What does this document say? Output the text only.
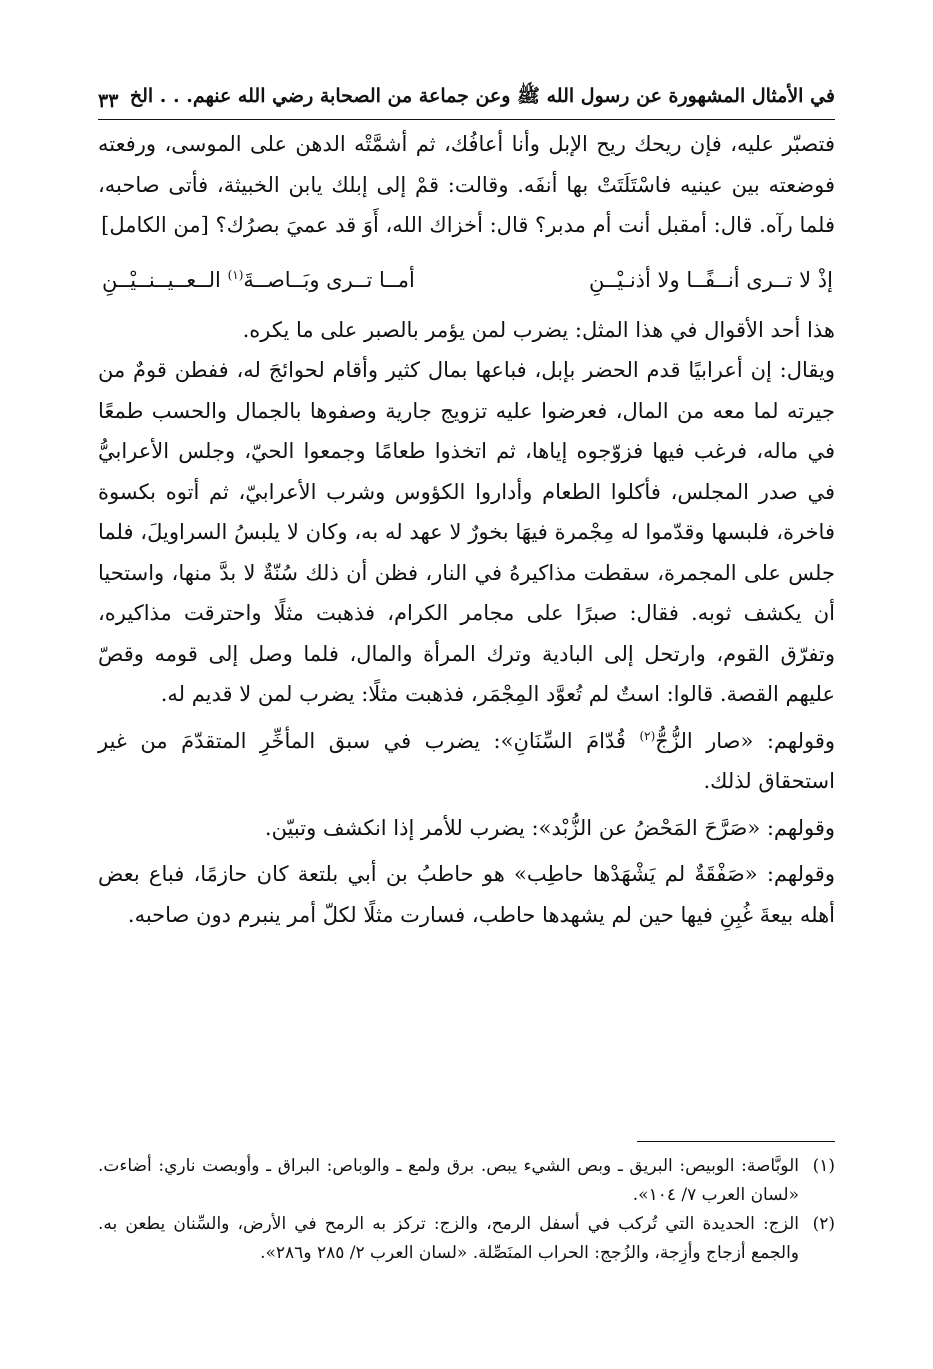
في الأمثال المشهورة عن رسول الله ﷺ وعن جماعة من الصحابة رضي الله عنهم. . . الخ
٣٣

فتصبّر عليه، فإن ريحك ريح الإبل وأنا أعافُك، ثم أشمَّتْه الدهن على الموسى، ورفعته فوضعته بين عينيه فاسْتَلَتَتْ بها أنفَه. وقالت: قمْ إلى إبلك يابن الخبيثة، فأتى صاحبه، فلما رآه. قال: أمقبل أنت أم مدبر؟ قال: أخزاك الله، أَوَ قد عميَ بصرُك؟ [من الكامل]

إذْ لا تــرى أنــفًــا ولا أذنـيْــنِ
أمــا تــرى وبَــاصــةَ$^{(١)}$ الــعــيــنــيْــنِ

هذا أحد الأقوال في هذا المثل: يضرب لمن يؤمر بالصبر على ما يكره.

ويقال: إن أعرابيًا قدم الحضر بإبل، فباعها بمال كثير وأقام لحوائجَ له، ففطن قومٌ من جيرته لما معه من المال، فعرضوا عليه تزويج جارية وصفوها بالجمال والحسب طمعًا في ماله، فرغب فيها فزوّجوه إياها، ثم اتخذوا طعامًا وجمعوا الحيّ، وجلس الأعرابيُّ في صدر المجلس، فأكلوا الطعام وأداروا الكؤوس وشرب الأعرابيّ، ثم أتوه بكسوة فاخرة، فلبسها وقدّموا له مِجْمرة فيهَا بخورٌ لا عهد له به، وكان لا يلبسُ السراويلَ، فلما جلس على المجمرة، سقطت مذاكيرهُ في النار، فظن أن ذلك سُنّةٌ لا بدَّ منها، واستحيا أن يكشف ثوبه. فقال: صبرًا على مجامر الكرام، فذهبت مثلًا واحترقت مذاكيره، وتفرّق القوم، وارتحل إلى البادية وترك المرأة والمال، فلما وصل إلى قومه وقصّ عليهم القصة. قالوا: استٌ لم تُعوَّد المِجْمَر، فذهبت مثلًا: يضرب لمن لا قديم له.

وقولهم: «صار الزُّجُّ$^{(٢)}$ قُدّامَ السِّنَانِ»: يضرب في سبق المأخِّرِ المتقدّمَ من غير استحقاق لذلك.

وقولهم: «صَرَّحَ المَحْضُ عن الزُّبْد»: يضرب للأمر إذا انكشف وتبيّن.

وقولهم: «صَفْقَةٌ لم يَشْهَدْها حاطِب» هو حاطبُ بن أبي بلتعة كان حازمًا، فباع بعض أهله بيعةَ غُبِنِ فيها حين لم يشهدها حاطب، فسارت مثلًا لكلّ أمر ينبرم دون صاحبه.

(١)
الوبَّاصة: الوبيص: البريق ـ وبص الشيء يبص. برق ولمع ـ والوباص: البراق ـ وأوبصت ناري: أضاءت. «لسان العرب ٧/ ١٠٤».
(٢)
الزج: الحديدة التي تُركب في أسفل الرمح، والزج: تركز به الرمح في الأرض، والسِّنان يطعن به. والجمع أزجاج وأزِجة، والزُجج: الحراب المنَصِّلة. «لسان العرب ٢/ ٢٨٥ و٢٨٦».
